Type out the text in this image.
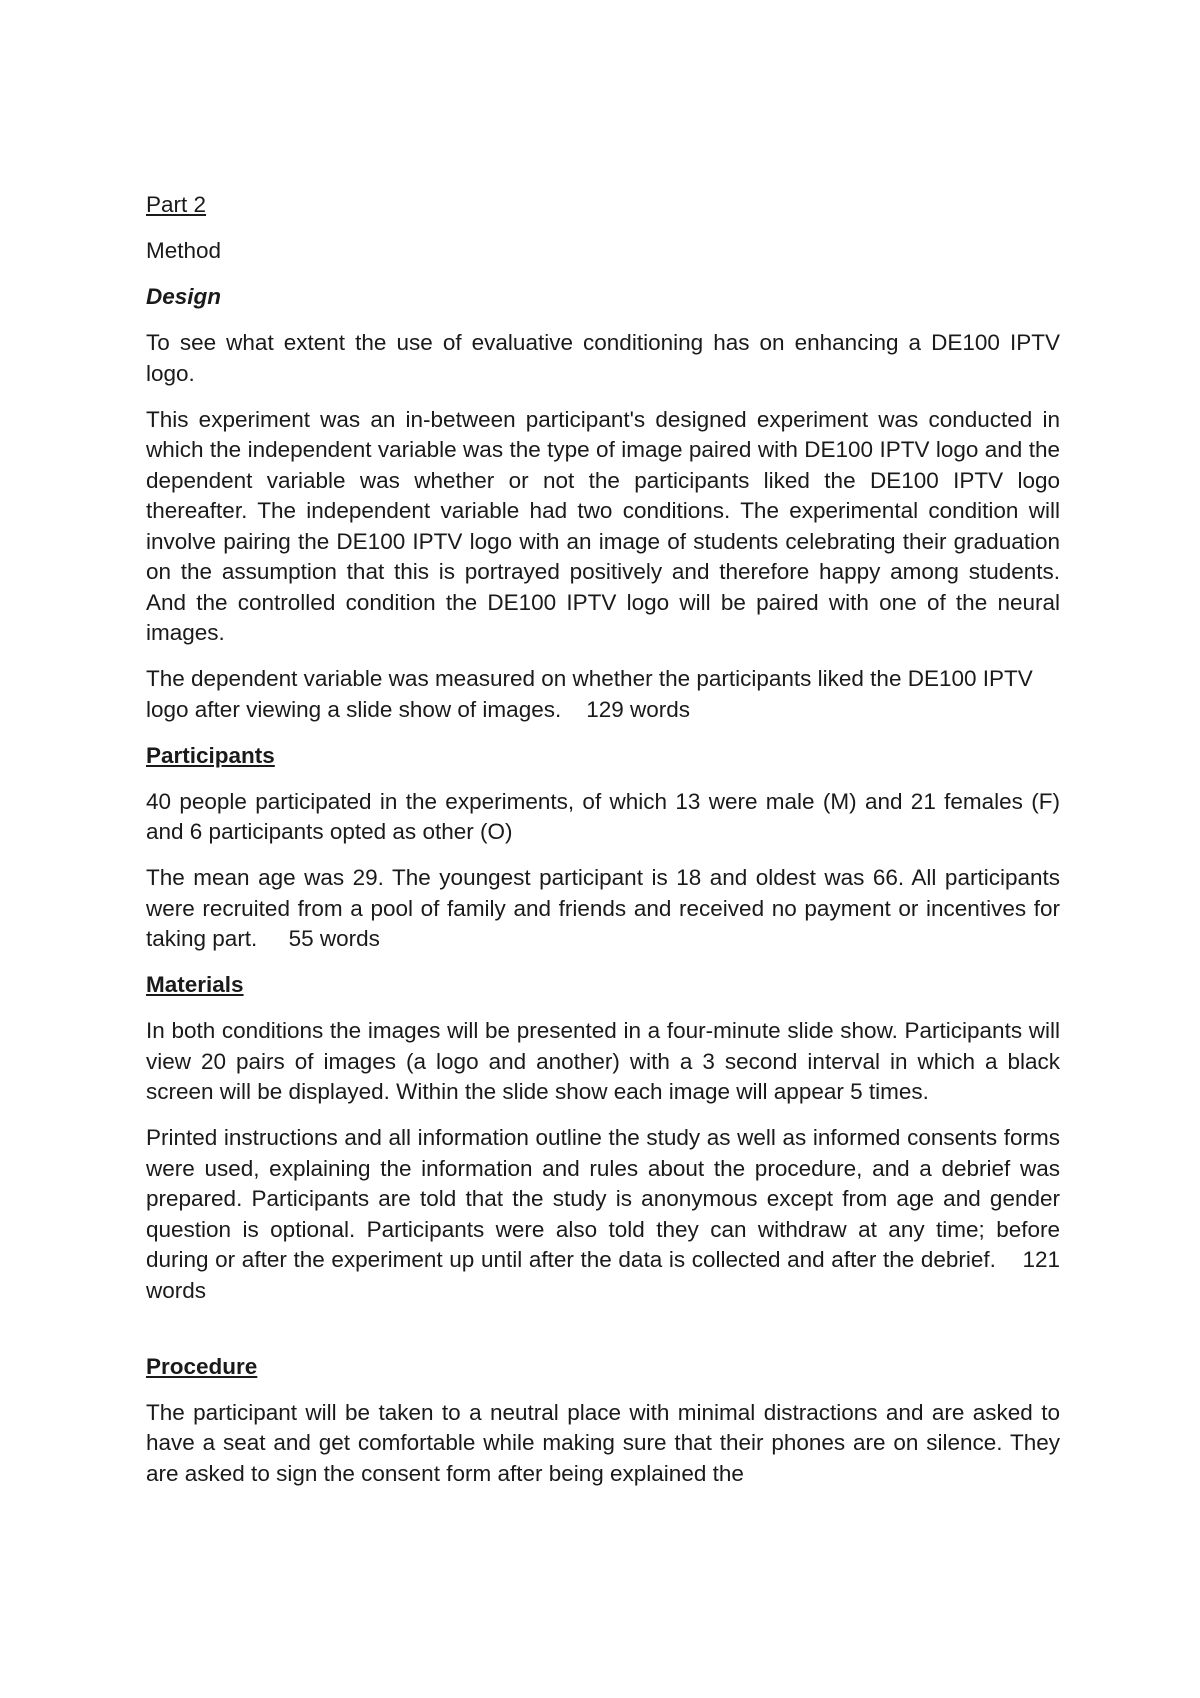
Part 2

Method

Design

To see what extent the use of evaluative conditioning has on enhancing a DE100 IPTV logo.

This experiment was an in-between participant's designed experiment was conducted in which the independent variable was the type of image paired with DE100 IPTV logo and the dependent variable was whether or not the participants liked the DE100 IPTV logo thereafter. The independent variable had two conditions. The experimental condition will involve pairing the DE100 IPTV logo with an image of students celebrating their graduation on the assumption that this is portrayed positively and therefore happy among students. And the controlled condition the DE100 IPTV logo will be paired with one of the neural images.

The dependent variable was measured on whether the participants liked the DE100 IPTV logo after viewing a slide show of images. 129 words

Participants

40 people participated in the experiments, of which 13 were male (M) and 21 females (F) and 6 participants opted as other (O)

The mean age was 29. The youngest participant is 18 and oldest was 66. All participants were recruited from a pool of family and friends and received no payment or incentives for taking part. 55 words

Materials

In both conditions the images will be presented in a four-minute slide show. Participants will view 20 pairs of images (a logo and another) with a 3 second interval in which a black screen will be displayed. Within the slide show each image will appear 5 times.

Printed instructions and all information outline the study as well as informed consents forms were used, explaining the information and rules about the procedure, and a debrief was prepared. Participants are told that the study is anonymous except from age and gender question is optional. Participants were also told they can withdraw at any time; before during or after the experiment up until after the data is collected and after the debrief. 121 words

Procedure

The participant will be taken to a neutral place with minimal distractions and are asked to have a seat and get comfortable while making sure that their phones are on silence. They are asked to sign the consent form after being explained the
